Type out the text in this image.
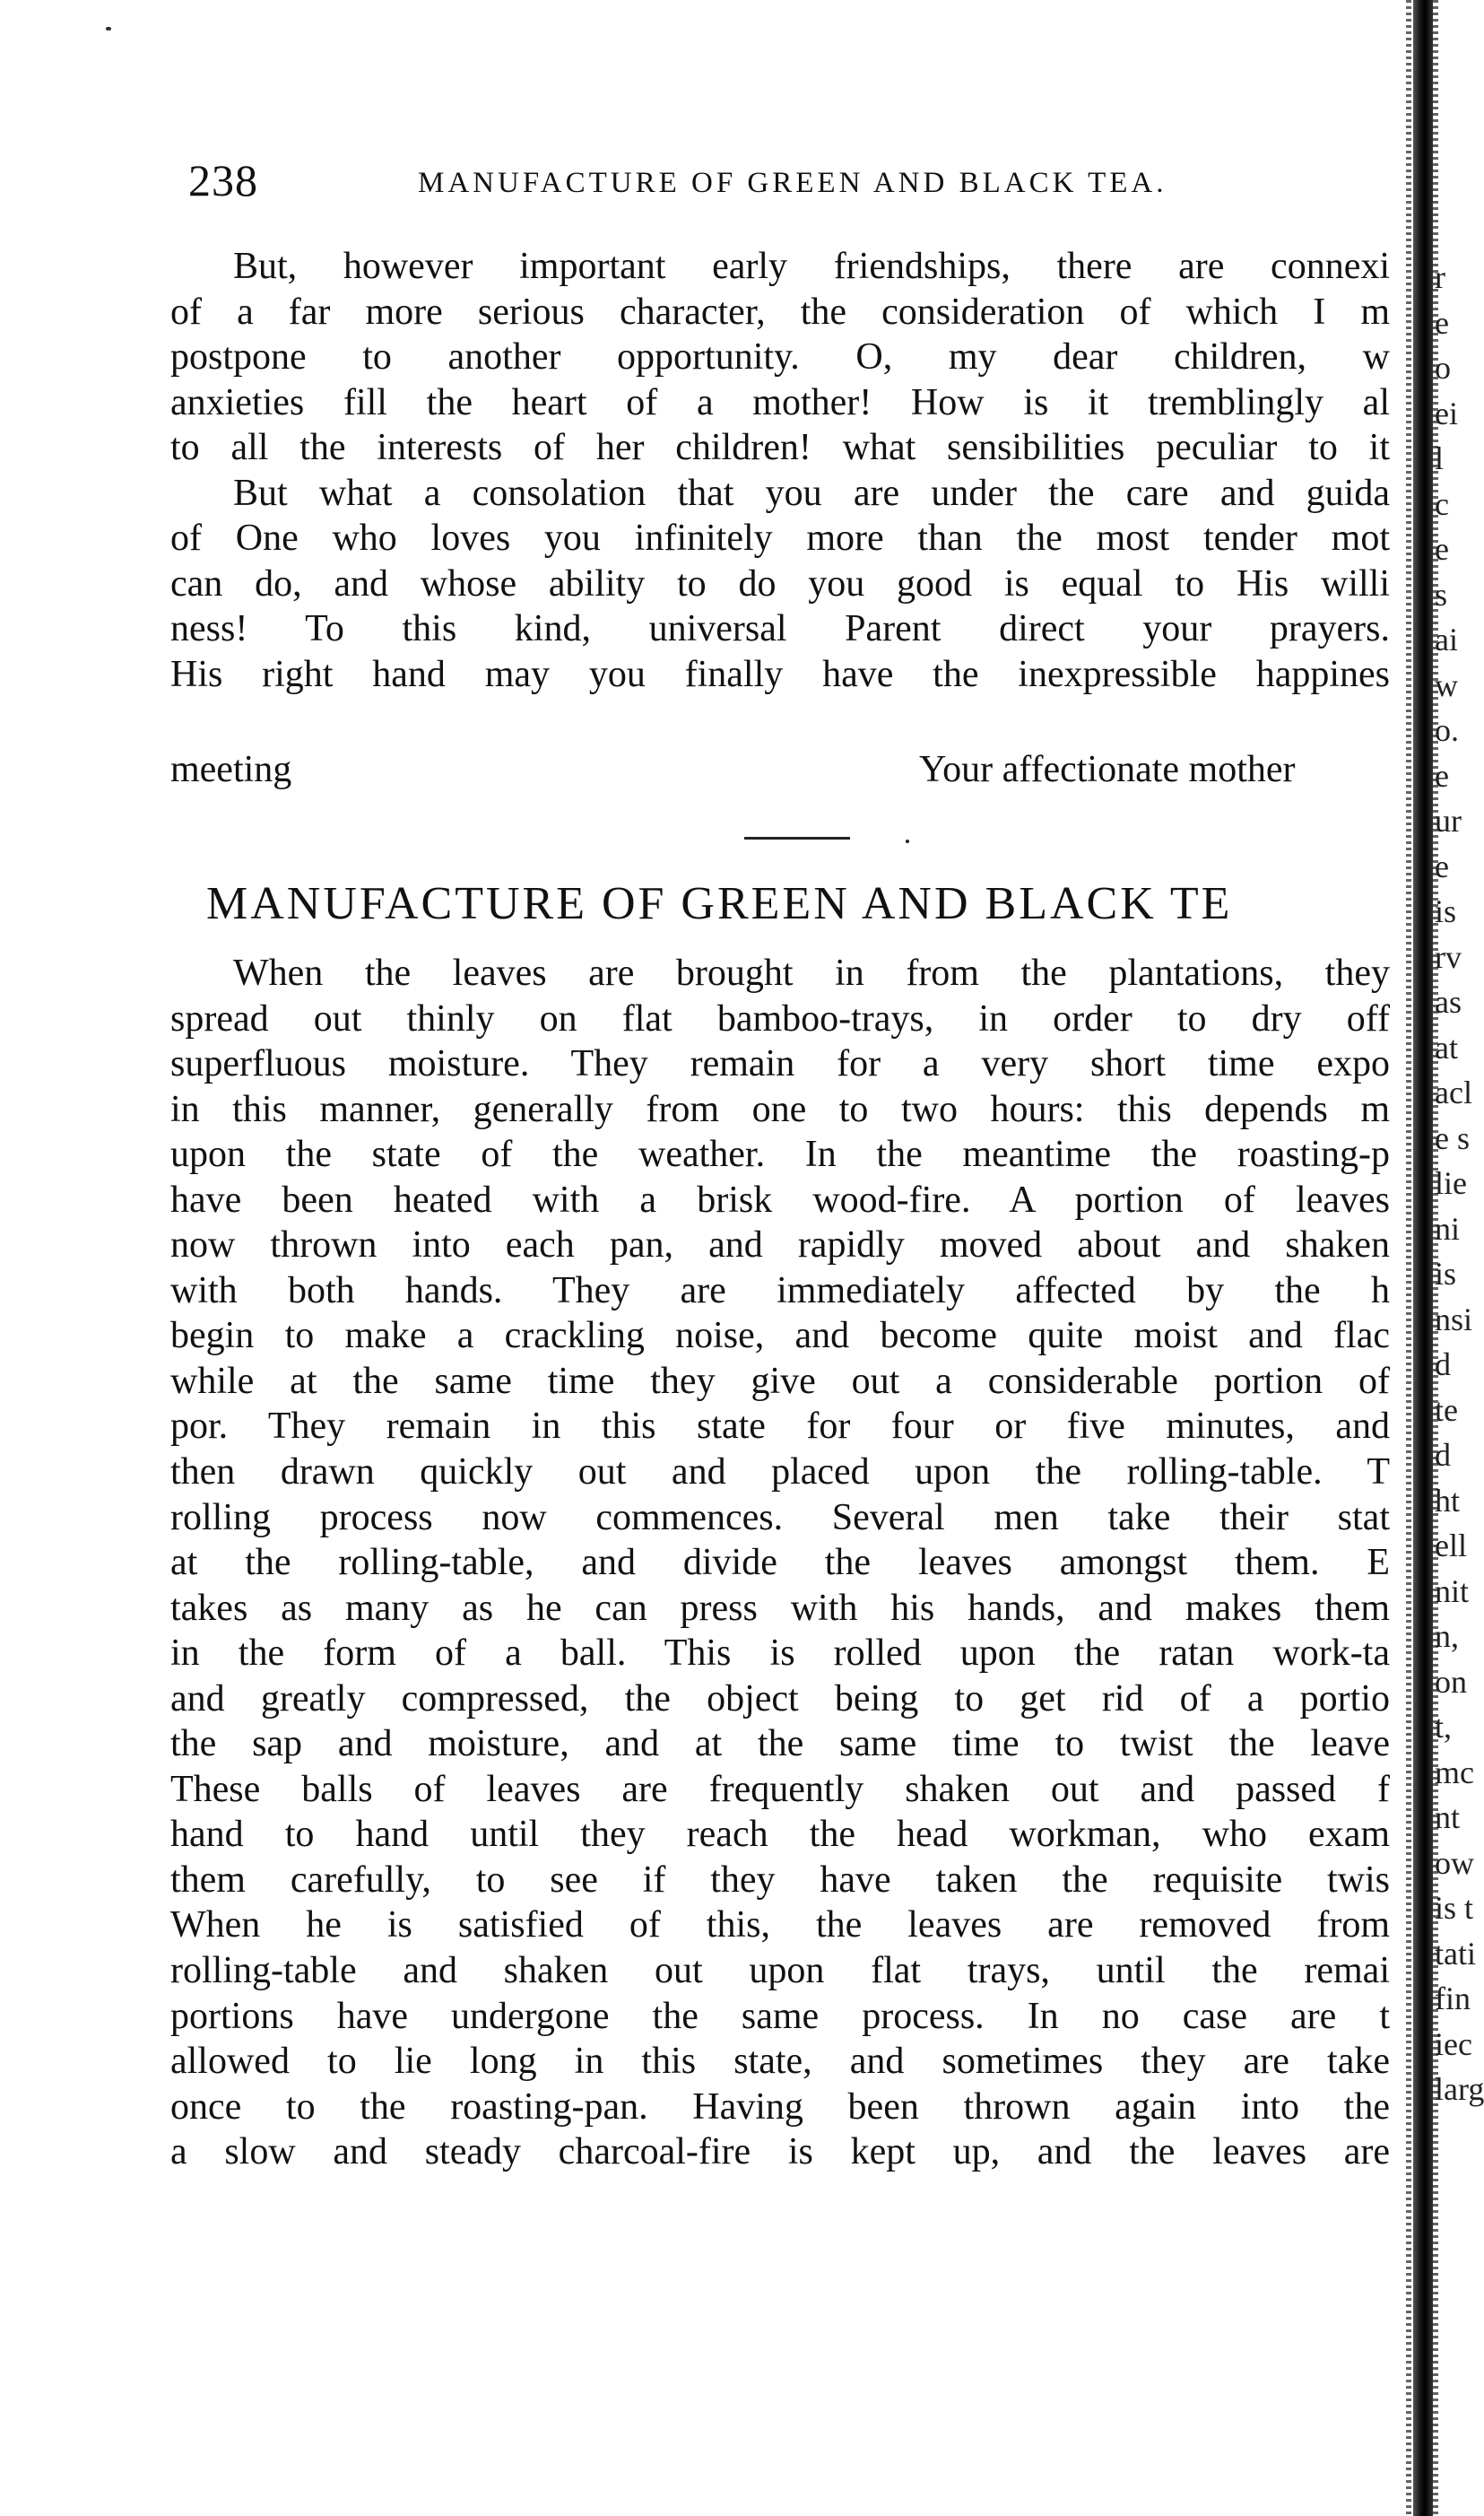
238	MANUFACTURE OF GREEN AND BLACK TEA.
But, however important early friendships, there are connexi
of a far more serious character, the consideration of which I m
postpone to another opportunity. O, my dear children, w
anxieties fill the heart of a mother! How is it tremblingly al
to all the interests of her children! what sensibilities peculiar to it
But what a consolation that you are under the care and guida
of One who loves you infinitely more than the most tender mot
can do, and whose ability to do you good is equal to His willi
ness! To this kind, universal Parent direct your prayers.
His right hand may you finally have the inexpressible happines
meeting	Your affectionate mother
MANUFACTURE OF GREEN AND BLACK TE
When the leaves are brought in from the plantations, they
spread out thinly on flat bamboo-trays, in order to dry off
superfluous moisture. They remain for a very short time expo
in this manner, generally from one to two hours: this depends m
upon the state of the weather. In the meantime the roasting-p
have been heated with a brisk wood-fire. A portion of leaves
now thrown into each pan, and rapidly moved about and shaken
with both hands. They are immediately affected by the h
begin to make a crackling noise, and become quite moist and flac
while at the same time they give out a considerable portion of
por. They remain in this state for four or five minutes, and
then drawn quickly out and placed upon the rolling-table. T
rolling process now commences. Several men take their stat
at the rolling-table, and divide the leaves amongst them. E
takes as many as he can press with his hands, and makes them
in the form of a ball. This is rolled upon the ratan work-ta
and greatly compressed, the object being to get rid of a portio
the sap and moisture, and at the same time to twist the leave
These balls of leaves are frequently shaken out and passed f
hand to hand until they reach the head workman, who exam
them carefully, to see if they have taken the requisite twis
When he is satisfied of this, the leaves are removed from
rolling-table and shaken out upon flat trays, until the remai
portions have undergone the same process. In no case are t
allowed to lie long in this state, and sometimes they are take
once to the roasting-pan. Having been thrown again into the
a slow and steady charcoal-fire is kept up, and the leaves are
r
e
o
ei
l
c
e
s
ai
w
o.
e
ur
e
is
rv
as
at
acl
e s
lie
ni
is
nsi
d
te
d
ht
ell
nit
n,
on
t,
mc
nt
ow
is t
tati
fin
iec
larg
